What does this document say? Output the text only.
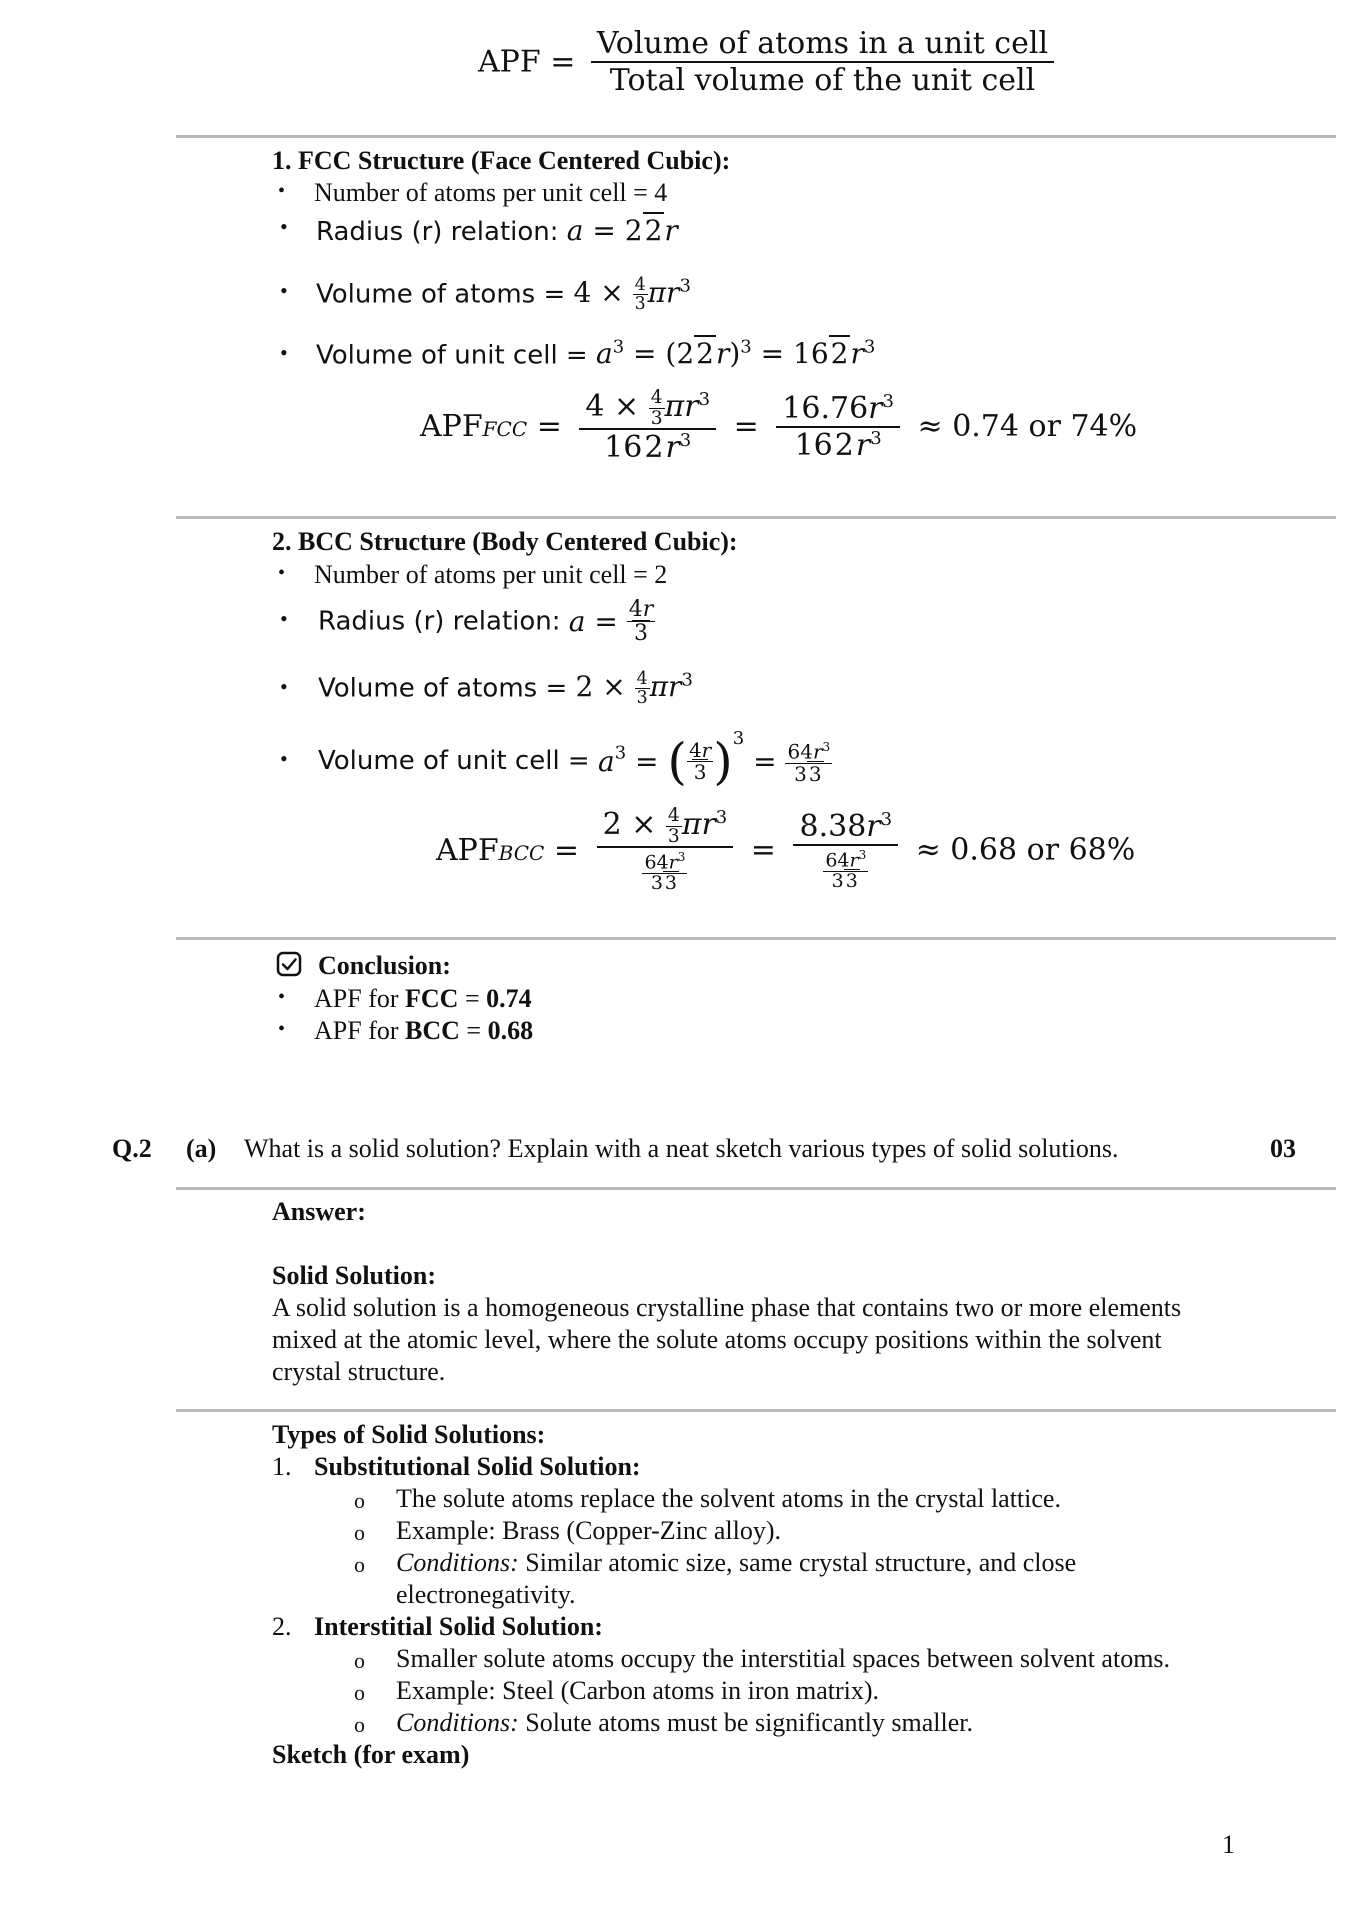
APF = $\frac{\text{Volume of atoms in a unit cell}}{\text{Total volume of the unit cell}}$
1. FCC Structure (Face Centered Cubic):
• Number of atoms per unit cell = 4
• Radius (r) relation: a = 22r
• Volume of atoms = $4 \times \frac{4}{3} \pi r^3$
• Volume of unit cell = $a^3 = (22r)^3 = 162r^3$
APFFCC = $\frac{4 \times \frac{4}{3} \pi r^3}{162r^3} = \frac{16.76r^3}{162r^3} \approx 0.74$ or 74%
2. BCC Structure (Body Centered Cubic):
• Number of atoms per unit cell = 2
• Radius (r) relation: $a = \frac{4r}{3}$
• Volume of atoms = $2 \times \frac{4}{3} \pi r^3$
• Volume of unit cell = $a^3$ = ( $\frac{4r}{3} )^3 = \frac{64r^3}{3 3}$
APFBCC = $\frac{2 \times \frac{4}{3} \pi r^3}{\frac{64r^3}{3 3}} = \frac{8.38r^3}{\frac{64r^3}{3 3}} \approx 0.68$ or 68%
Conclusion:
• APF for FCC = 0.74
• APF for BCC = 0.68
Q.2 (a) What is a solid solution? Explain with a neat sketch various types of solid solutions.	03
Answer:
Solid Solution:
A solid solution is a homogeneous crystalline phase that contains two or more elements
mixed at the atomic level, where the solute atoms occupy positions within the solvent
crystal structure.
Types of Solid Solutions:
1. Substitutional Solid Solution:
o The solute atoms replace the solvent atoms in the crystal lattice.
o Example: Brass (Copper-Zinc alloy).
o Conditions: Similar atomic size, same crystal structure, and close
electronegativity.
2. Interstitial Solid Solution:
o Smaller solute atoms occupy the interstitial spaces between solvent atoms.
o Example: Steel (Carbon atoms in iron matrix).
o Conditions: Solute atoms must be significantly smaller.
Sketch (for exam)
1
